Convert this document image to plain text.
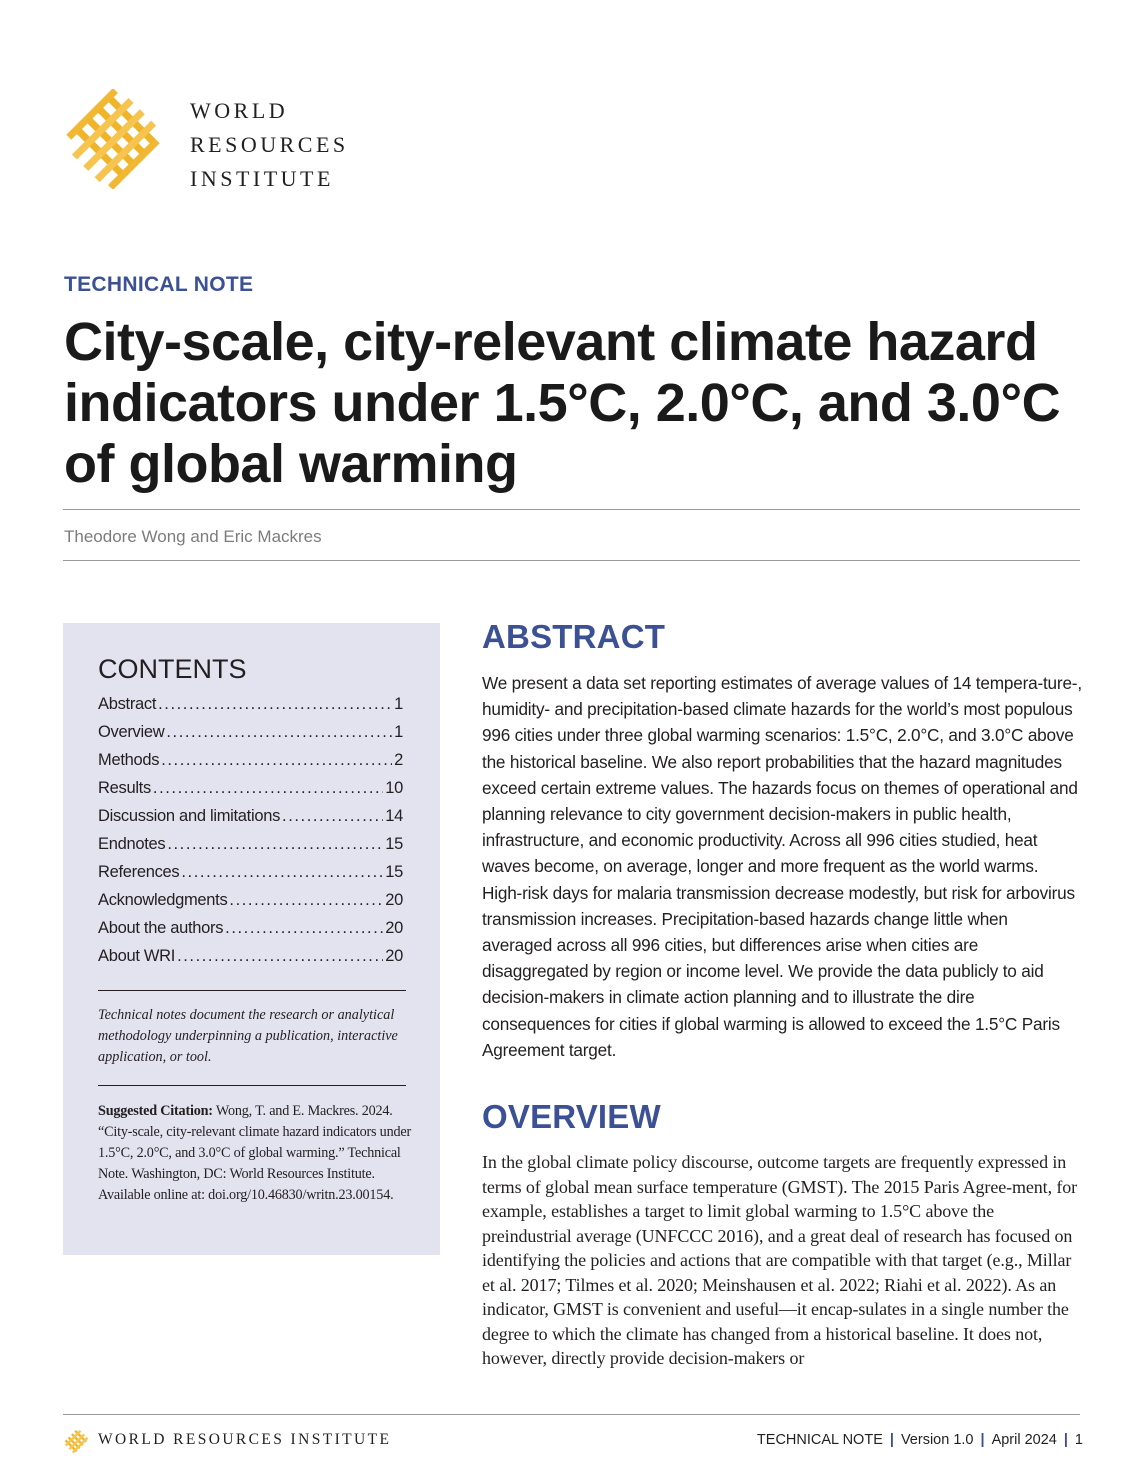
WORLD
RESOURCES
INSTITUTE

TECHNICAL NOTE

City-scale, city-relevant climate hazard indicators under 1.5°C, 2.0°C, and 3.0°C of global warming

Theodore Wong and Eric Mackres

CONTENTS
Abstract . . .	1
Overview . . .	1
Methods . . .	2
Results . . .	10
Discussion and limitations . . .	14
Endnotes . . .	15
References . . .	15
Acknowledgments . . .	20
About the authors . . .	20
About WRI . . .	20

Technical notes document the research or analytical methodology underpinning a publication, interactive application, or tool.

Suggested Citation: Wong, T. and E. Mackres. 2024. “City-scale, city-relevant climate hazard indicators under 1.5°C, 2.0°C, and 3.0°C of global warming.” Technical Note. Washington, DC: World Resources Institute. Available online at: doi.org/10.46830/writn.23.00154.

ABSTRACT

We present a data set reporting estimates of average values of 14 tempera-ture-, humidity- and precipitation-based climate hazards for the world’s most populous 996 cities under three global warming scenarios: 1.5°C, 2.0°C, and 3.0°C above the historical baseline. We also report probabilities that the hazard magnitudes exceed certain extreme values. The hazards focus on themes of operational and planning relevance to city government decision-makers in public health, infrastructure, and economic productivity. Across all 996 cities studied, heat waves become, on average, longer and more frequent as the world warms. High-risk days for malaria transmission decrease modestly, but risk for arbovirus transmission increases. Precipitation-based hazards change little when averaged across all 996 cities, but differences arise when cities are disaggregated by region or income level. We provide the data publicly to aid decision-makers in climate action planning and to illustrate the dire consequences for cities if global warming is allowed to exceed the 1.5°C Paris Agreement target.

OVERVIEW

In the global climate policy discourse, outcome targets are frequently expressed in terms of global mean surface temperature (GMST). The 2015 Paris Agree-ment, for example, establishes a target to limit global warming to 1.5°C above the preindustrial average (UNFCCC 2016), and a great deal of research has focused on identifying the policies and actions that are compatible with that target (e.g., Millar et al. 2017; Tilmes et al. 2020; Meinshausen et al. 2022; Riahi et al. 2022). As an indicator, GMST is convenient and useful—it encap-sulates in a single number the degree to which the climate has changed from a historical baseline. It does not, however, directly provide decision-makers or

WORLD RESOURCES INSTITUTE	TECHNICAL NOTE | Version 1.0 | April 2024 | 1
